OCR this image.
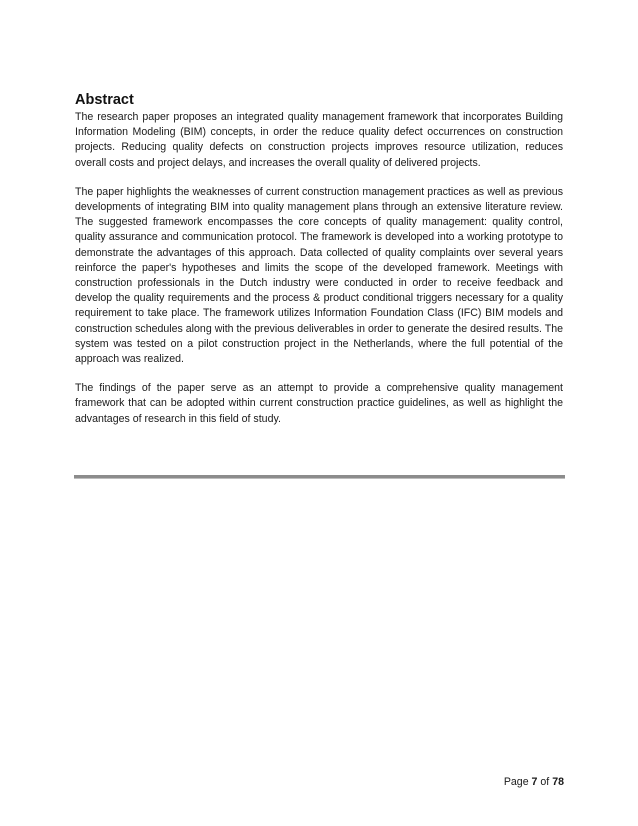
Abstract

The research paper proposes an integrated quality management framework that incorporates Building Information Modeling (BIM) concepts, in order the reduce quality defect occurrences on construction projects. Reducing quality defects on construction projects improves resource utilization, reduces overall costs and project delays, and increases the overall quality of delivered projects.

The paper highlights the weaknesses of current construction management practices as well as previous developments of integrating BIM into quality management plans through an extensive literature review. The suggested framework encompasses the core concepts of quality management: quality control, quality assurance and communication protocol. The framework is developed into a working prototype to demonstrate the advantages of this approach. Data collected of quality complaints over several years reinforce the paper's hypotheses and limits the scope of the developed framework. Meetings with construction professionals in the Dutch industry were conducted in order to receive feedback and develop the quality requirements and the process & product conditional triggers necessary for a quality requirement to take place. The framework utilizes Information Foundation Class (IFC) BIM models and construction schedules along with the previous deliverables in order to generate the desired results. The system was tested on a pilot construction project in the Netherlands, where the full potential of the approach was realized.

The findings of the paper serve as an attempt to provide a comprehensive quality management framework that can be adopted within current construction practice guidelines, as well as highlight the advantages of research in this field of study.

Page 7 of 78
